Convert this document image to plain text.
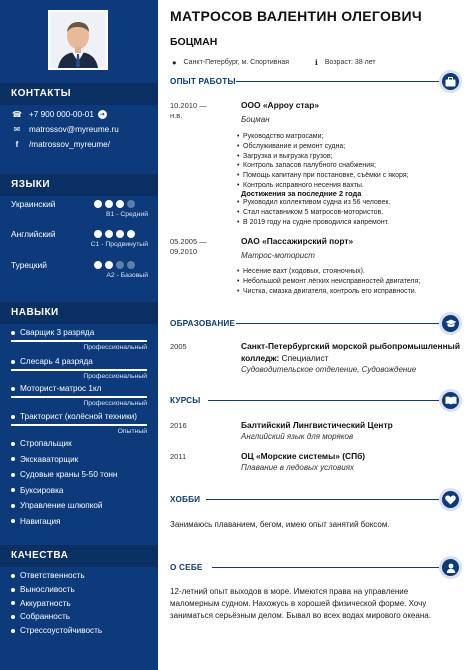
КОНТАКТЫ
☎ +7 900 000-00-01 ➜
✉	matrossov@myreume.ru
f	/matrossov_myreume/
ЯЗЫКИ
Украинский
В1 - Средний
Английский
С1 - Продвинутый
Турецкий
А2 - Базовый
НАВЫКИ
Сварщик 3 разряда
Профессиональный
Слесарь 4 разряда
Профессиональный
Моторист-матрос 1кл
Профессиональный
Тракторист (колёсной техники)
Опытный
Стропальщик
Экскаваторщик
Судовые краны 5-50 тонн
Буксировка
Управление шлюпкой
Навигация
КАЧЕСТВА
Ответственность
Выносливость
Аккуратность
Собранность
Стрессоустойчивость
МАТРОСОВ ВАЛЕНТИН ОЛЕГОВИЧ
БОЦМАН
● Санкт-Петербург, м. Спортивная	ℹ Возраст: 38 лет
ОПЫТ РАБОТЫ
10.2010 —
н.в.
ООО «Арроу стар»
Боцман
• Руководство матросами;
• Обслуживание и ремонт судна;
• Загрузка и выгрузка грузов;
• Контроль запасов палубного снабжения;
• Помощь капитану при постановке, съёмки с якоря;
• Контроль исправного несения вахты.
Достижения за последние 2 года
• Руководил коллективом судна из 56 человек.
• Стал наставником 5 матросов-мотористов.
• В 2019 году на судне проводился капремонт.
05.2005 —
09.2010
ОАО «Пассажирский порт»
Матрос-моторист
• Несение вахт (ходовых, стояночных).
• Небольшой ремонт лёгких неисправностей двигателя;
• Чистка, смазка двигателя, контроль его исправности.
ОБРАЗОВАНИЕ
2005	Санкт-Петербургский морской рыбопромышленный
колледж: Специалист
Судоводительское отделение, Судовождение
КУРСЫ
2016	Балтийский Лингвистический Центр
Английский язык для моряков
2011	ОЦ «Морские системы» (СПб)
Плавание в ледовых условиях
ХОББИ
Занимаюсь плаванием, бегом, имею опыт занятий боксом.
О СЕБЕ
12-летний опыт выходов в море. Имеются права на управление маломерным судном. Нахожусь в хорошей физической форме. Хочу заниматься серьёзным делом. Бывал во всех водах мирового океана.
